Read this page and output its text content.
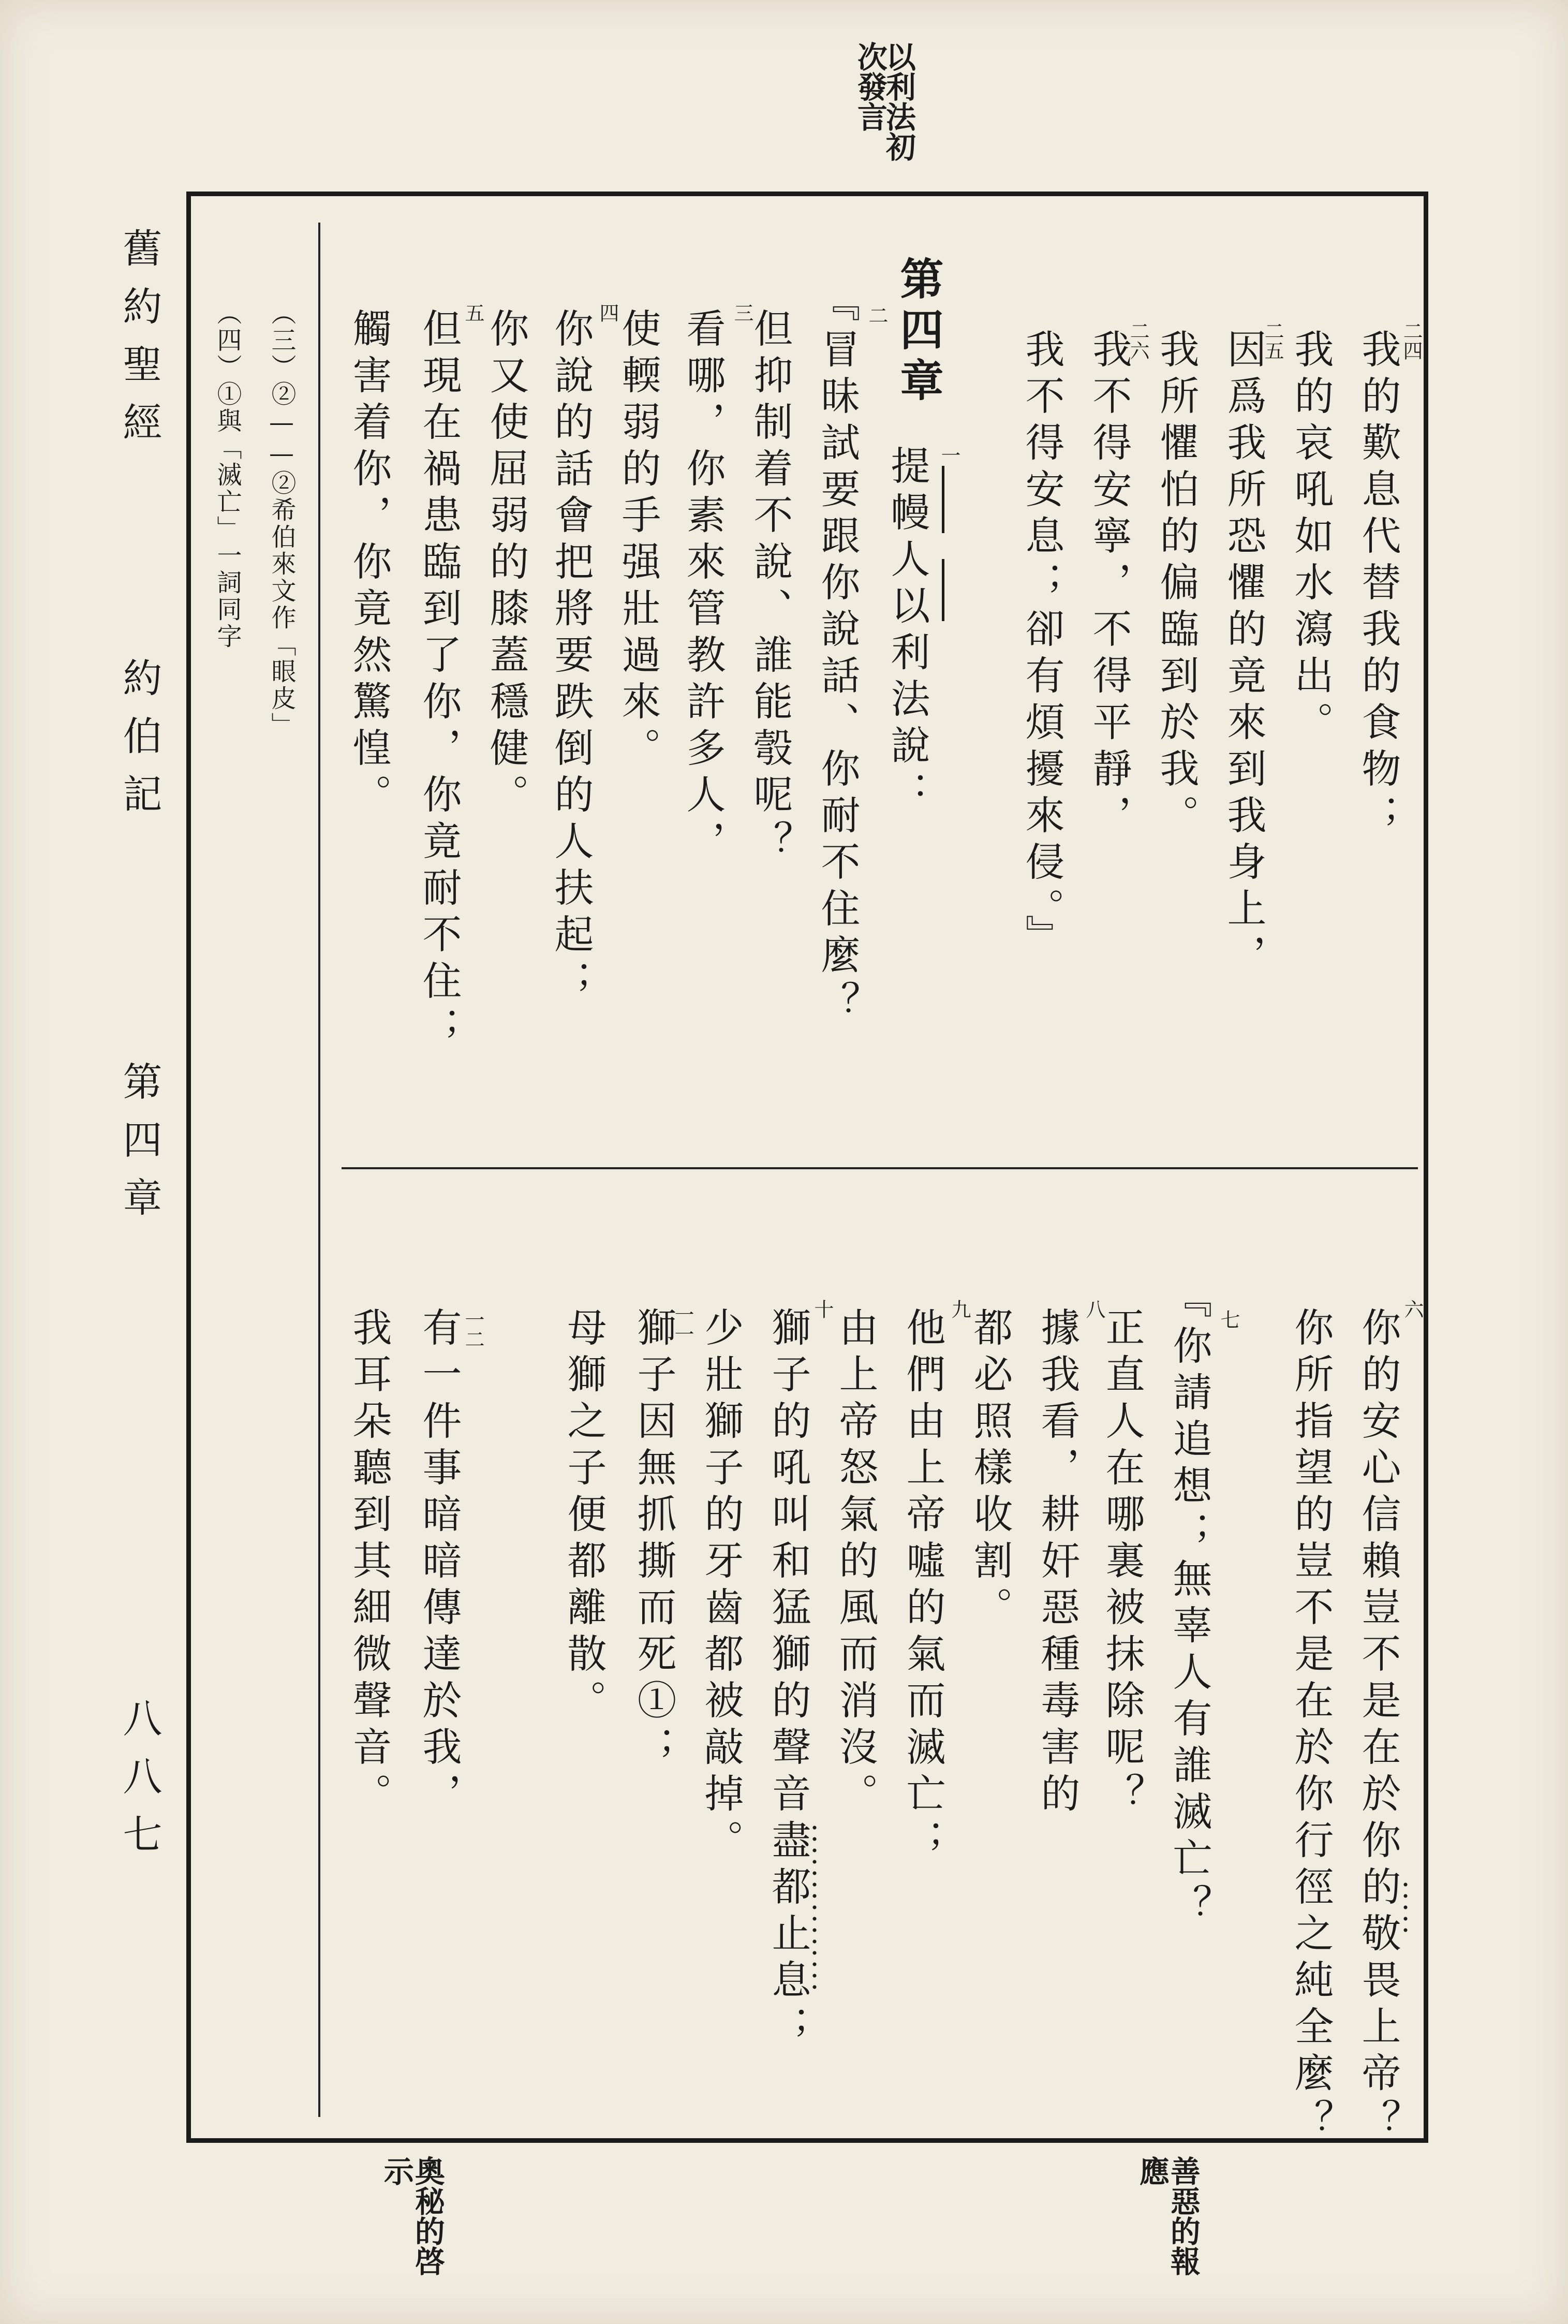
以利法初
次發言
舊約聖經
約伯記
第四章
八八七
二四
我的歎息代替我的食物；
我的哀吼如水瀉出。
二五
因爲我所恐懼的竟來到我身上，
我所懼怕的偏臨到於我。
二六
我不得安寧，不得平靜，
我不得安息；卻有煩擾來侵。』
第四章
一
提幔人以利法說：
二
『冒昧試要跟你說話、你耐不住麼？
但抑制着不說、誰能彀呢？
三
看哪，你素來管教許多人，
使輭弱的手强壯過來。
四
你說的話會把將要跌倒的人扶起；
你又使屈弱的膝蓋穩健。
五
但現在禍患臨到了你，你竟耐不住；
觸害着你，你竟然驚惶。
（三）②——②希伯來文作「眼皮」
（四）①與「滅亡」一詞同字
六
你的安心信賴豈不是在於你的敬畏上帝？
你所指望的豈不是在於你行徑之純全麼？
七
『你請追想；無辜人有誰滅亡？
正直人在哪裏被抹除呢？
八
據我看，耕奸惡種毒害的
都必照樣收割。
九
他們由上帝噓的氣而滅亡；
由上帝怒氣的風而消沒。
十
獅子的吼叫和猛獅的聲音盡都止息；
少壯獅子的牙齒都被敲掉。
一一
獅子因無抓撕而死①；
母獅之子便都離散。
一二
有一件事暗暗傳達於我，
我耳朵聽到其細微聲音。
善惡的報
應
奧秘的啓
示
